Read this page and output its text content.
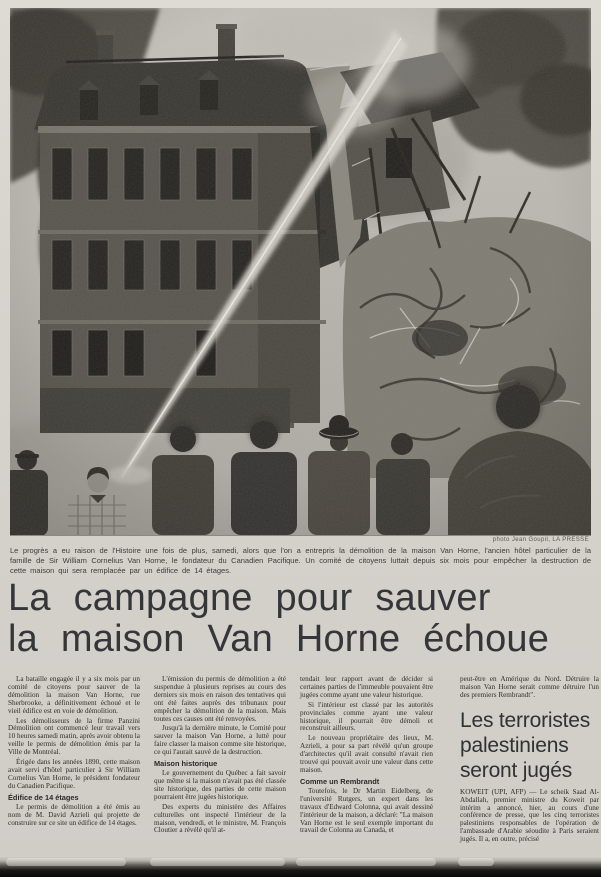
photo Jean Goupil, LA PRESSE

Le progrès a eu raison de l'Histoire une fois de plus, samedi, alors que l'on a entrepris la démolition de la maison Van Horne, l'ancien hôtel particulier de la famille de Sir William Cornelius Van Horne, le fondateur du Canadien Pacifique. Un comité de citoyens luttait depuis six mois pour empêcher la destruction de cette maison qui sera remplacée par un édifice de 14 étages.

La campagne pour sauver
la maison Van Horne échoue

La bataille engagée il y a six mois par un comité de citoyens pour sauver de la démolition la maison Van Horne, rue Sherbrooke, a définitivement échoué et le vieil édifice est en voie de démolition.

Les démolisseurs de la firme Panzini Démolition ont commencé leur travail vers 10 heures samedi matin, après avoir obtenu la veille le permis de démolition émis par la Ville de Montréal.

Érigée dans les années 1890, cette maison avait servi d'hôtel particulier à Sir William Cornelius Van Horne, le président fondateur du Canadien Pacifique.

Édifice de 14 étages

Le permis de démolition a été émis au nom de M. David Azrieli qui projette de construire sur ce site un édifice de 14 étages.

L'émission du permis de démolition a été suspendue à plusieurs reprises au cours des derniers six mois en raison des tentatives qui ont été faites auprès des tribunaux pour empêcher la démolition de la maison. Mais toutes ces causes ont été renvoyées.

Jusqu'à la dernière minute, le Comité pour sauver la maison Van Horne, a lutté pour faire classer la maison comme site historique, ce qui l'aurait sauvé de la destruction.

Maison historique

Le gouvernement du Québec a fait savoir que même si la maison n'avait pas été classée site historique, des parties de cette maison pourraient être jugées historique.

Des experts du ministère des Affaires culturelles ont inspecté l'intérieur de la maison, vendredi, et le ministre, M. François Cloutier a révélé qu'il at-

tendait leur rapport avant de décider si certaines parties de l'immeuble pouvaient être jugées comme ayant une valeur historique.

Si l'intérieur est classé par les autorités provinciales comme ayant une valeur historique, il pourrait être démoli et reconstruit ailleurs.

Le nouveau propriétaire des lieux, M. Azrieli, a pour sa part révélé qu'un groupe d'architectes qu'il avait consulté n'avait rien trouvé qui pouvait avoir une valeur dans cette maison.

Comme un Rembrandt

Toutefois, le Dr Martin Eidelberg, de l'université Rutgers, un expert dans les travaux d'Edward Colonna, qui avait dessiné l'intérieur de la maison, a déclaré: "La maison Van Horne est le seul exemple important du travail de Colonna au Canada, et

peut-être en Amérique du Nord. Détruire la maison Van Horne serait comme détruire l'un des premiers Rembrandt".

Les terroristes
palestiniens
seront jugés

KOWEIT (UPI, AFP) — Le scheik Saad Al-Abdallah, premier ministre du Koweit par intérim a annoncé, hier, au cours d'une conférence de presse, que les cinq terroristes palestiniens responsables de l'opération de l'ambassade d'Arabie séoudite à Paris seraient jugés. Il a, en outre, précisé
